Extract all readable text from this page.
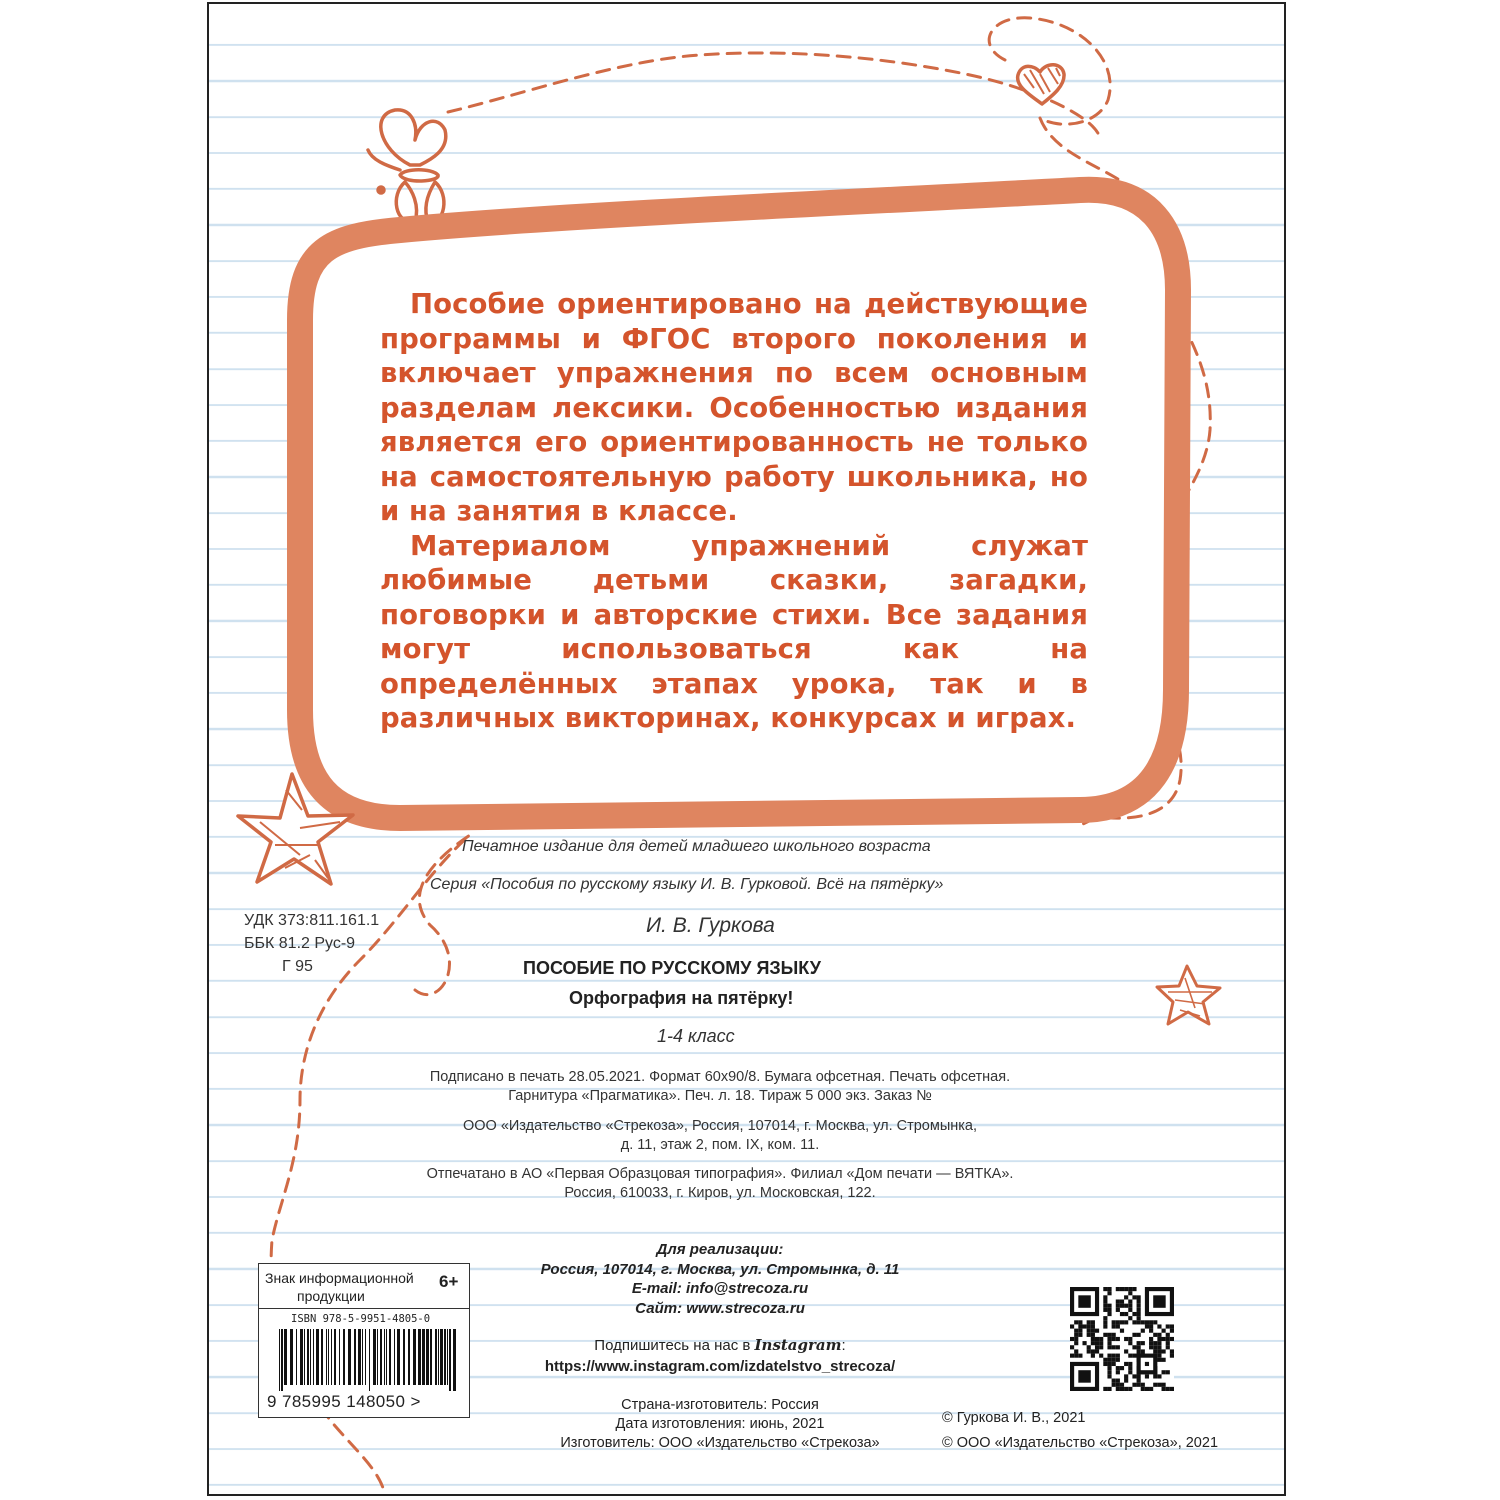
Пособие ориентировано на действующие программы и ФГОС второго поколения и включает упражнения по всем основным разделам лексики. Особенностью издания является его ориентированность не только на самостоятельную работу школьника, но и на занятия в классе.

Материалом упражнений служат любимые детьми сказки, загадки, поговорки и авторские стихи. Все задания могут использоваться как на определённых этапах урока, так и в различных викторинах, конкурсах и играх.

Печатное издание для детей младшего школьного возраста
Серия «Пособия по русскому языку И. В. Гурковой. Всё на пятёрку»
УДК 373:811.161.1
ББК 81.2 Рус-9
Г 95
И. В. Гуркова
ПОСОБИЕ ПО РУССКОМУ ЯЗЫКУ
Орфография на пятёрку!
1-4 класс
Подписано в печать 28.05.2021. Формат 60х90/8. Бумага офсетная. Печать офсетная.
Гарнитура «Прагматика». Печ. л. 18. Тираж 5 000 экз. Заказ №
ООО «Издательство «Стрекоза», Россия, 107014, г. Москва, ул. Стромынка,
д. 11, этаж 2, пом. IX, ком. 11.
Отпечатано в АО «Первая Образцовая типография». Филиал «Дом печати — ВЯТКА».
Россия, 610033, г. Киров, ул. Московская, 122.
Для реализации:
Россия, 107014, г. Москва, ул. Стромынка, д. 11
E-mail: info@strecoza.ru
Сайт: www.strecoza.ru
Подпишитесь на нас в Instagram:
https://www.instagram.com/izdatelstvo_strecoza/
Страна-изготовитель: Россия
Дата изготовления: июнь, 2021
Изготовитель: ООО «Издательство «Стрекоза»
© Гуркова И. В., 2021
© ООО «Издательство «Стрекоза», 2021
Знак информационной
продукции
6+
ISBN 978-5-9951-4805-0
9 785995 148050 >
